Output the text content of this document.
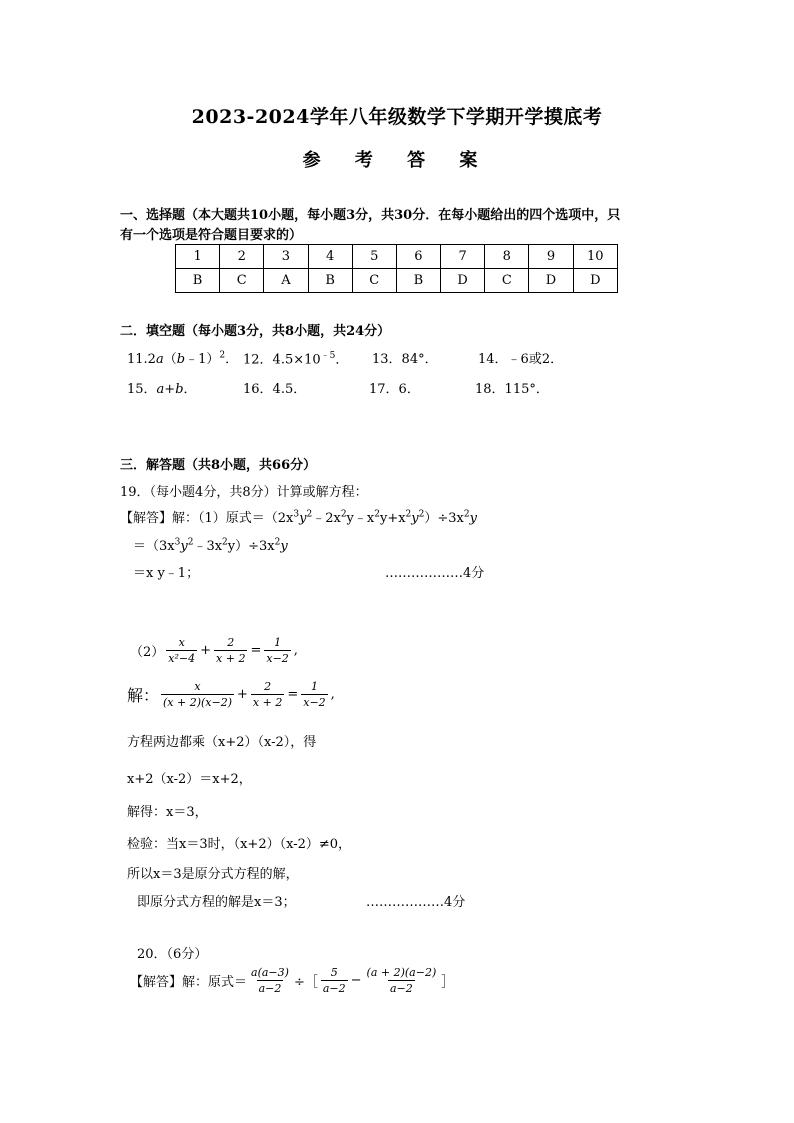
2023-2024学年八年级数学下学期开学摸底考
参 考 答 案
一、选择题（本大题共10小题，每小题3分，共30分．在每小题给出的四个选项中，只
有一个选项是符合题目要求的）
1	2	3	4	5	6	7	8	9	10
B	C	A	B	C	B	D	C	D	D
二．填空题（每小题3分，共8小题，共24分）
11.2a（b﹣1）$^2$． 12．$4.5\times 10^{﹣5}$． 13．84°．	14．﹣6或2．
15．a+b．	16．4.5．	17．6．	18．115°．
三．解答题（共8小题，共66分）
19．（每小题4分，共8分）计算或解方程：
【解答】解：（1）原式$=(2x^3y^2﹣2x^2y﹣x^2y+x^2y^2)\div 3x^2y$
$=(3x^3y^2﹣3x^2y)\div 3x^2y$
＝x y﹣1；	………………4分
$(2) \frac{x}{\text{x²−4}} + \frac{2}{x + 2} = \frac{1}{x-2}$ ,
解： $\frac{x}{(x + 2)(x-2)} + \frac{2}{x + 2} = \frac{1}{x-2}$ ,
方程两边都乘（x+2）（x-2），得
x+2（x-2）＝x+2，
解得：x＝3，
检验：当x＝3时，（x+2）（x-2）≠0，
所以x＝3是原分式方程的解，
即原分式方程的解是x＝3；	………………4分
20．（6分）
【解答】解：原式＝ $\frac{a(a-3)}{a-2}$ ÷［ $\frac{5}{a-2} - \frac{(a + 2)(a-2)}{a-2}$ ］
